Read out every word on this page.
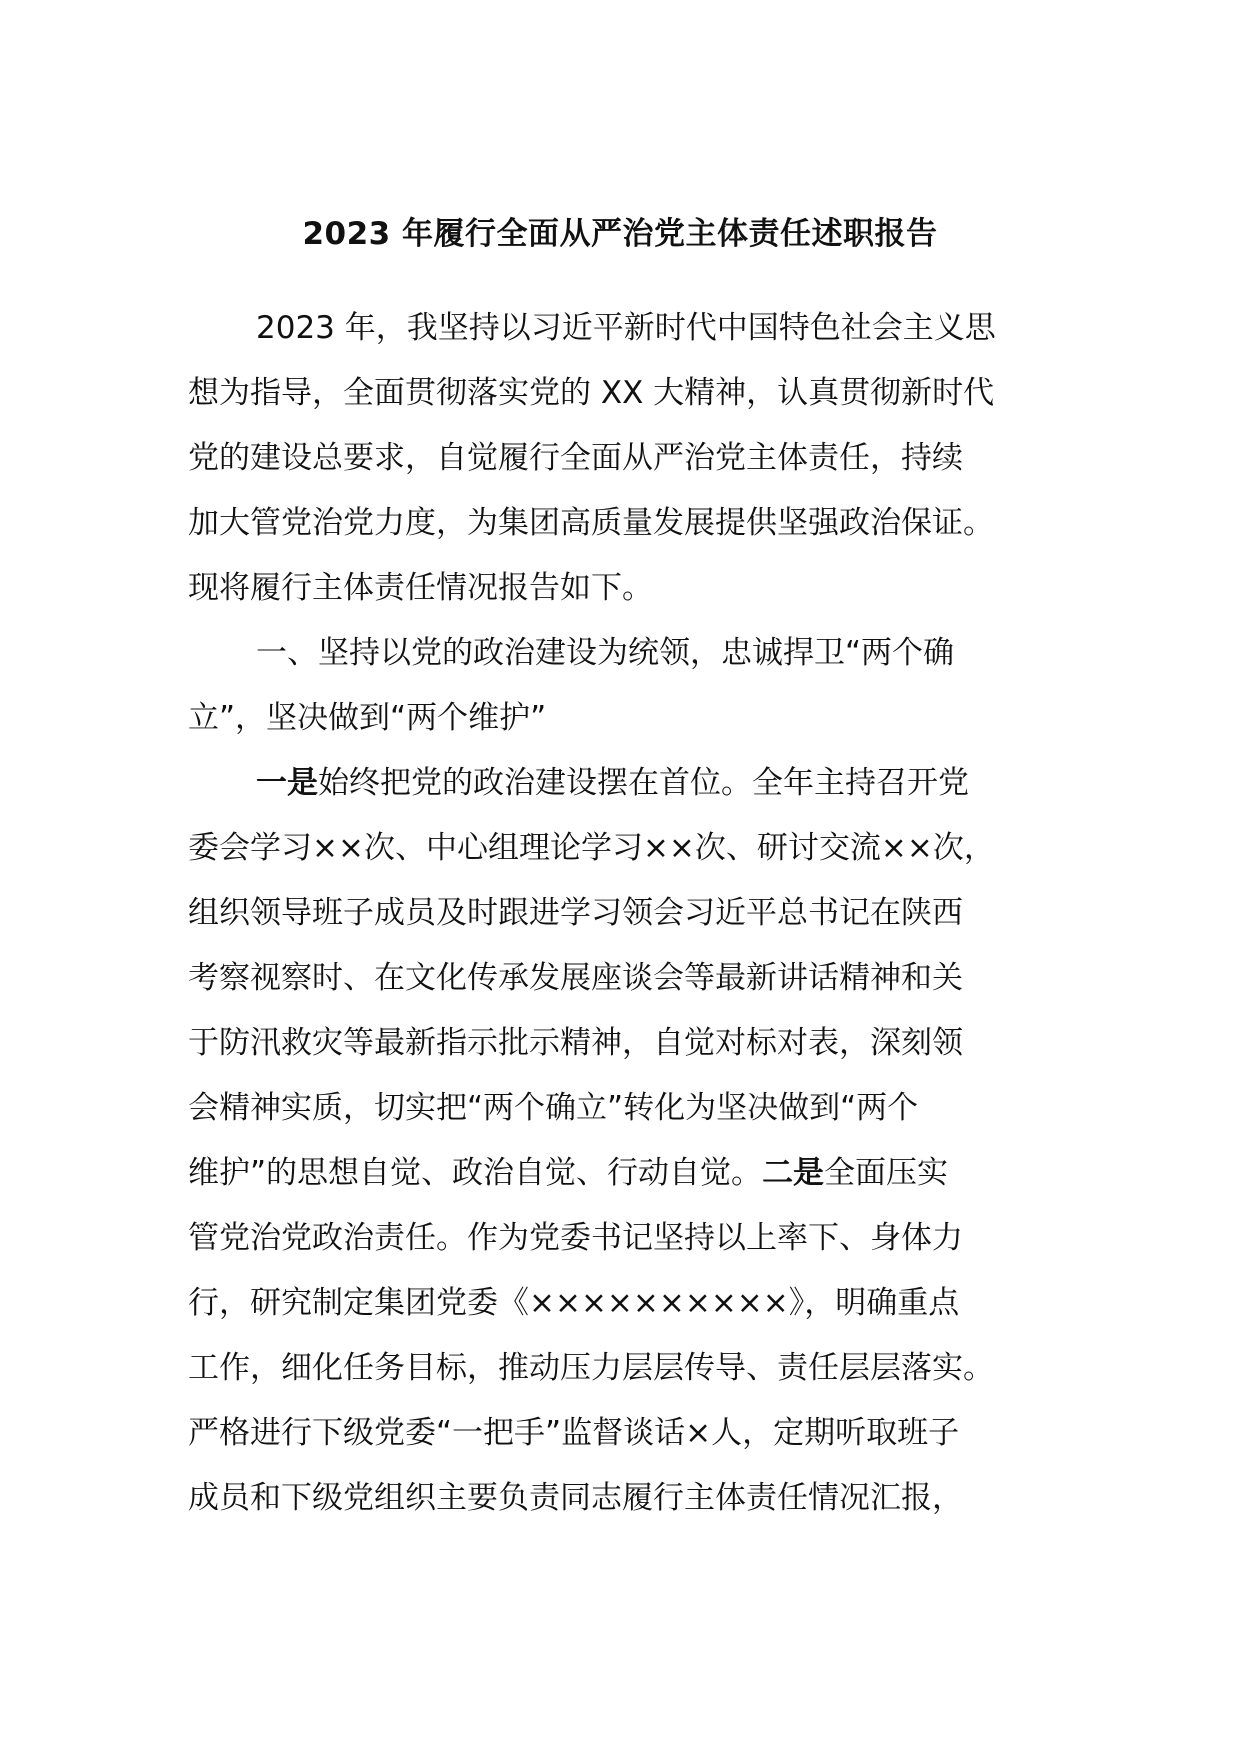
2023 年履行全面从严治党主体责任述职报告
2023 年，我坚持以习近平新时代中国特色社会主义思
想为指导，全面贯彻落实党的 XX 大精神，认真贯彻新时代
党的建设总要求，自觉履行全面从严治党主体责任，持续
加大管党治党力度，为集团高质量发展提供坚强政治保证。
现将履行主体责任情况报告如下。
一、坚持以党的政治建设为统领，忠诚捍卫“两个确
立”，坚决做到“两个维护”
一是始终把党的政治建设摆在首位。全年主持召开党
委会学习××次、中心组理论学习××次、研讨交流××次，
组织领导班子成员及时跟进学习领会习近平总书记在陕西
考察视察时、在文化传承发展座谈会等最新讲话精神和关
于防汛救灾等最新指示批示精神，自觉对标对表，深刻领
会精神实质，切实把“两个确立”转化为坚决做到“两个
维护”的思想自觉、政治自觉、行动自觉。二是全面压实
管党治党政治责任。作为党委书记坚持以上率下、身体力
行，研究制定集团党委《××××××××××》，明确重点
工作，细化任务目标，推动压力层层传导、责任层层落实。
严格进行下级党委“一把手”监督谈话×人，定期听取班子
成员和下级党组织主要负责同志履行主体责任情况汇报，
